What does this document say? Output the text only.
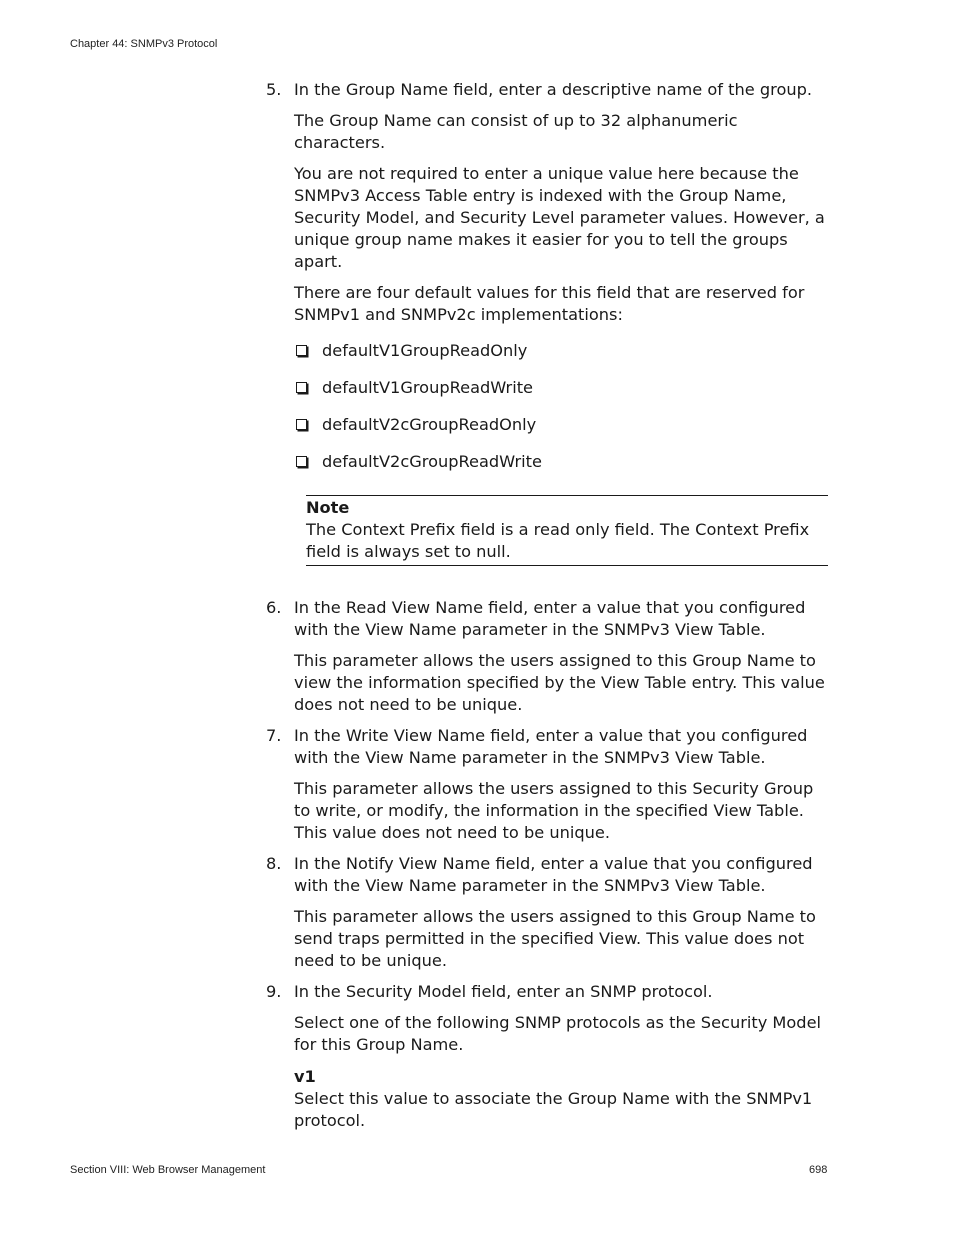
Chapter 44: SNMPv3 Protocol
5. In the Group Name field, enter a descriptive name of the group.

The Group Name can consist of up to 32 alphanumeric characters.
You are not required to enter a unique value here because the SNMPv3 Access Table entry is indexed with the Group Name, Security Model, and Security Level parameter values. However, a unique group name makes it easier for you to tell the groups apart.
There are four default values for this field that are reserved for SNMPv1 and SNMPv2c implementations:
defaultV1GroupReadOnly
defaultV1GroupReadWrite
defaultV2cGroupReadOnly
defaultV2cGroupReadWrite
Note
The Context Prefix field is a read only field. The Context Prefix field is always set to null.
6. In the Read View Name field, enter a value that you configured with the View Name parameter in the SNMPv3 View Table.

This parameter allows the users assigned to this Group Name to view the information specified by the View Table entry. This value does not need to be unique.
7. In the Write View Name field, enter a value that you configured with the View Name parameter in the SNMPv3 View Table.

This parameter allows the users assigned to this Security Group to write, or modify, the information in the specified View Table. This value does not need to be unique.
8. In the Notify View Name field, enter a value that you configured with the View Name parameter in the SNMPv3 View Table.

This parameter allows the users assigned to this Group Name to send traps permitted in the specified View. This value does not need to be unique.
9. In the Security Model field, enter an SNMP protocol.

Select one of the following SNMP protocols as the Security Model for this Group Name.
v1
Select this value to associate the Group Name with the SNMPv1 protocol.
Section VIII: Web Browser Management	698
